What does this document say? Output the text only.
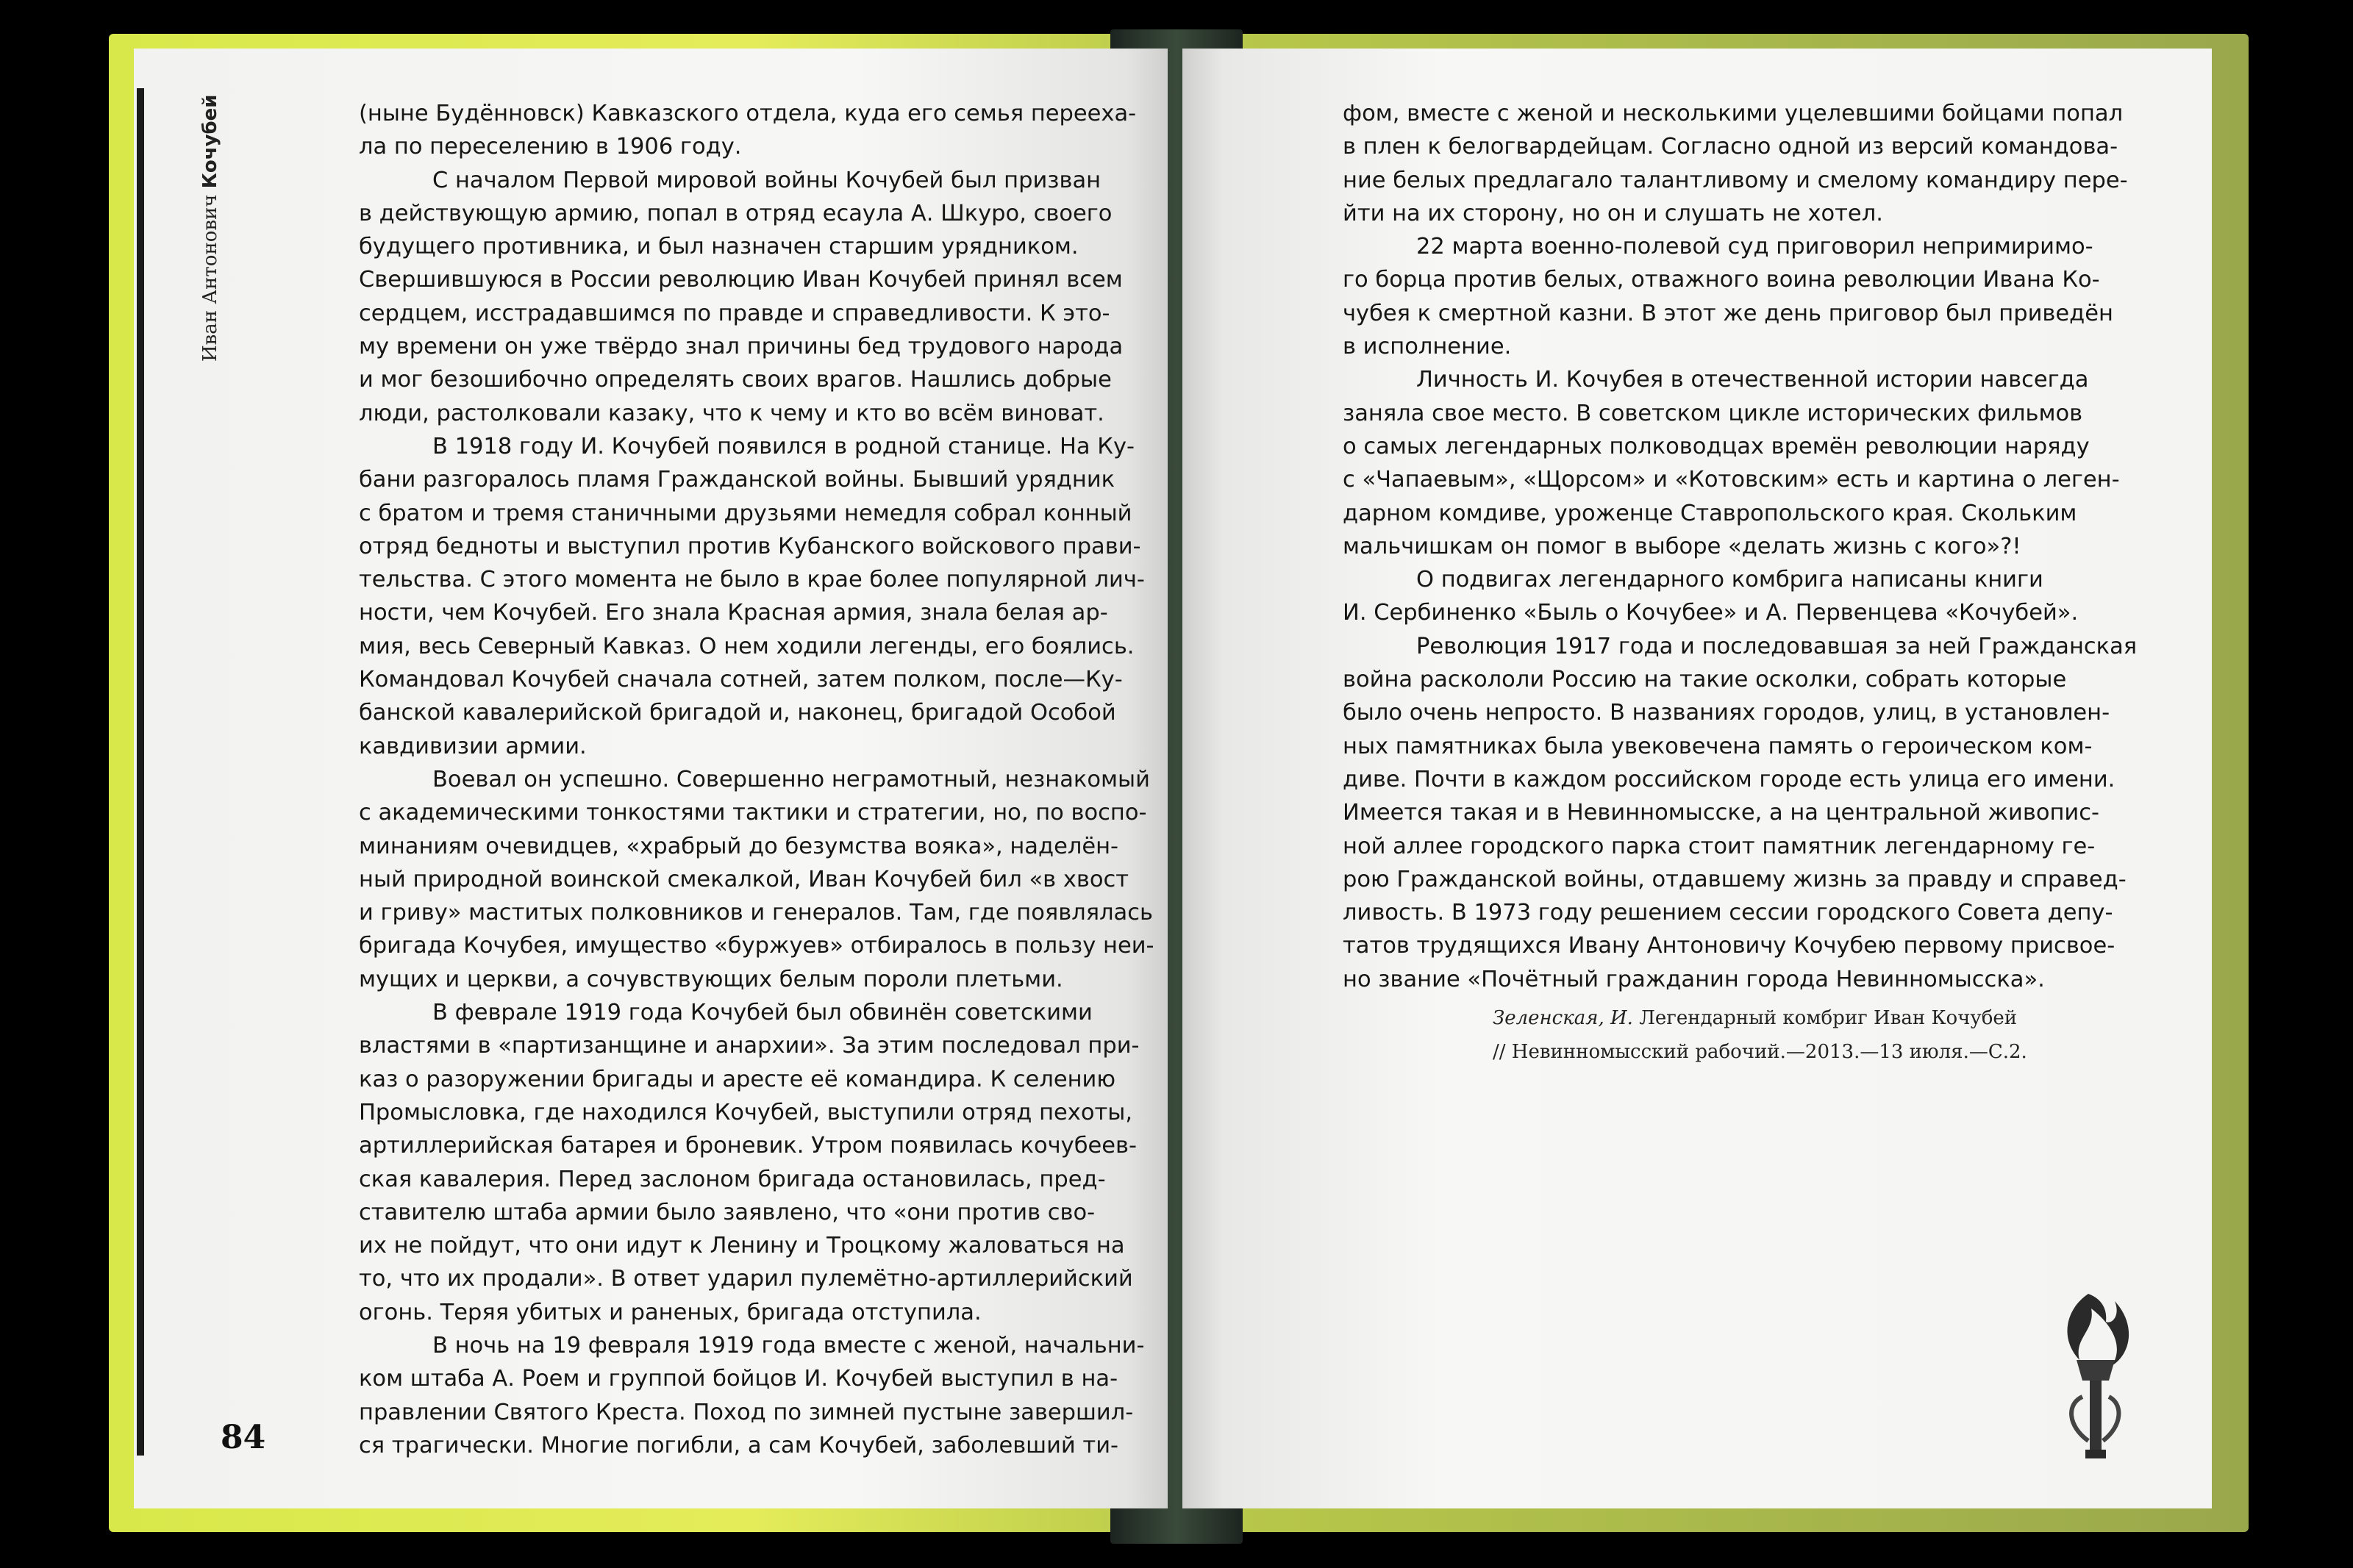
Иван АнтоновичКочубей
84
(ныне Будённовск) Кавказского отдела, куда его семья перееха-
ла по переселению в 1906 году.
С началом Первой мировой войны Кочубей был призван
в действующую армию, попал в отряд есаула А. Шкуро, своего
будущего противника, и был назначен старшим урядником.
Свершившуюся в России революцию Иван Кочубей принял всем
сердцем, исстрадавшимся по правде и справедливости. К это-
му времени он уже твёрдо знал причины бед трудового народа
и мог безошибочно определять своих врагов. Нашлись добрые
люди, растолковали казаку, что к чему и кто во всём виноват.
В 1918 году И. Кочубей появился в родной станице. На Ку-
бани разгоралось пламя Гражданской войны. Бывший урядник
с братом и тремя станичными друзьями немедля собрал конный
отряд бедноты и выступил против Кубанского войскового прави-
тельства. С этого момента не было в крае более популярной лич-
ности, чем Кочубей. Его знала Красная армия, знала белая ар-
мия, весь Северный Кавказ. О нем ходили легенды, его боялись.
Командовал Кочубей сначала сотней, затем полком, после—Ку-
банской кавалерийской бригадой и, наконец, бригадой Особой
кавдивизии армии.
Воевал он успешно. Совершенно неграмотный, незнакомый
с академическими тонкостями тактики и стратегии, но, по воспо-
минаниям очевидцев, «храбрый до безумства вояка», наделён-
ный природной воинской смекалкой, Иван Кочубей бил «в хвост
и гриву» маститых полковников и генералов. Там, где появлялась
бригада Кочубея, имущество «буржуев» отбиралось в пользу неи-
мущих и церкви, а сочувствующих белым пороли плетьми.
В феврале 1919 года Кочубей был обвинён советскими
властями в «партизанщине и анархии». За этим последовал при-
каз о разоружении бригады и аресте её командира. К селению
Промысловка, где находился Кочубей, выступили отряд пехоты,
артиллерийская батарея и броневик. Утром появилась кочубеев-
ская кавалерия. Перед заслоном бригада остановилась, пред-
ставителю штаба армии было заявлено, что «они против сво-
их не пойдут, что они идут к Ленину и Троцкому жаловаться на
то, что их продали». В ответ ударил пулемётно-артиллерийский
огонь. Теряя убитых и раненых, бригада отступила.
В ночь на 19 февраля 1919 года вместе с женой, начальни-
ком штаба А. Роем и группой бойцов И. Кочубей выступил в на-
правлении Святого Креста. Поход по зимней пустыне завершил-
ся трагически. Многие погибли, а сам Кочубей, заболевший ти-
фом, вместе с женой и несколькими уцелевшими бойцами попал
в плен к белогвардейцам. Согласно одной из версий командова-
ние белых предлагало талантливому и смелому командиру пере-
йти на их сторону, но он и слушать не хотел.
22 марта военно-полевой суд приговорил непримиримо-
го борца против белых, отважного воина революции Ивана Ко-
чубея к смертной казни. В этот же день приговор был приведён
в исполнение.
Личность И. Кочубея в отечественной истории навсегда
заняла свое место. В советском цикле исторических фильмов
о самых легендарных полководцах времён революции наряду
с «Чапаевым», «Щорсом» и «Котовским» есть и картина о леген-
дарном комдиве, уроженце Ставропольского края. Скольким
мальчишкам он помог в выборе «делать жизнь с кого»?!
О подвигах легендарного комбрига написаны книги
И. Сербиненко «Быль о Кочубее» и А. Первенцева «Кочубей».
Революция 1917 года и последовавшая за ней Гражданская
война раскололи Россию на такие осколки, собрать которые
было очень непросто. В названиях городов, улиц, в установлен-
ных памятниках была увековечена память о героическом ком-
диве. Почти в каждом российском городе есть улица его имени.
Имеется такая и в Невинномысске, а на центральной живопис-
ной аллее городского парка стоит памятник легендарному ге-
рою Гражданской войны, отдавшему жизнь за правду и справед-
ливость. В 1973 году решением сессии городского Совета депу-
татов трудящихся Ивану Антоновичу Кочубею первому присвое-
но звание «Почётный гражданин города Невинномысска».
Зеленская, И. Легендарный комбриг Иван Кочубей
// Невинномысский рабочий.—2013.—13 июля.—С.2.
